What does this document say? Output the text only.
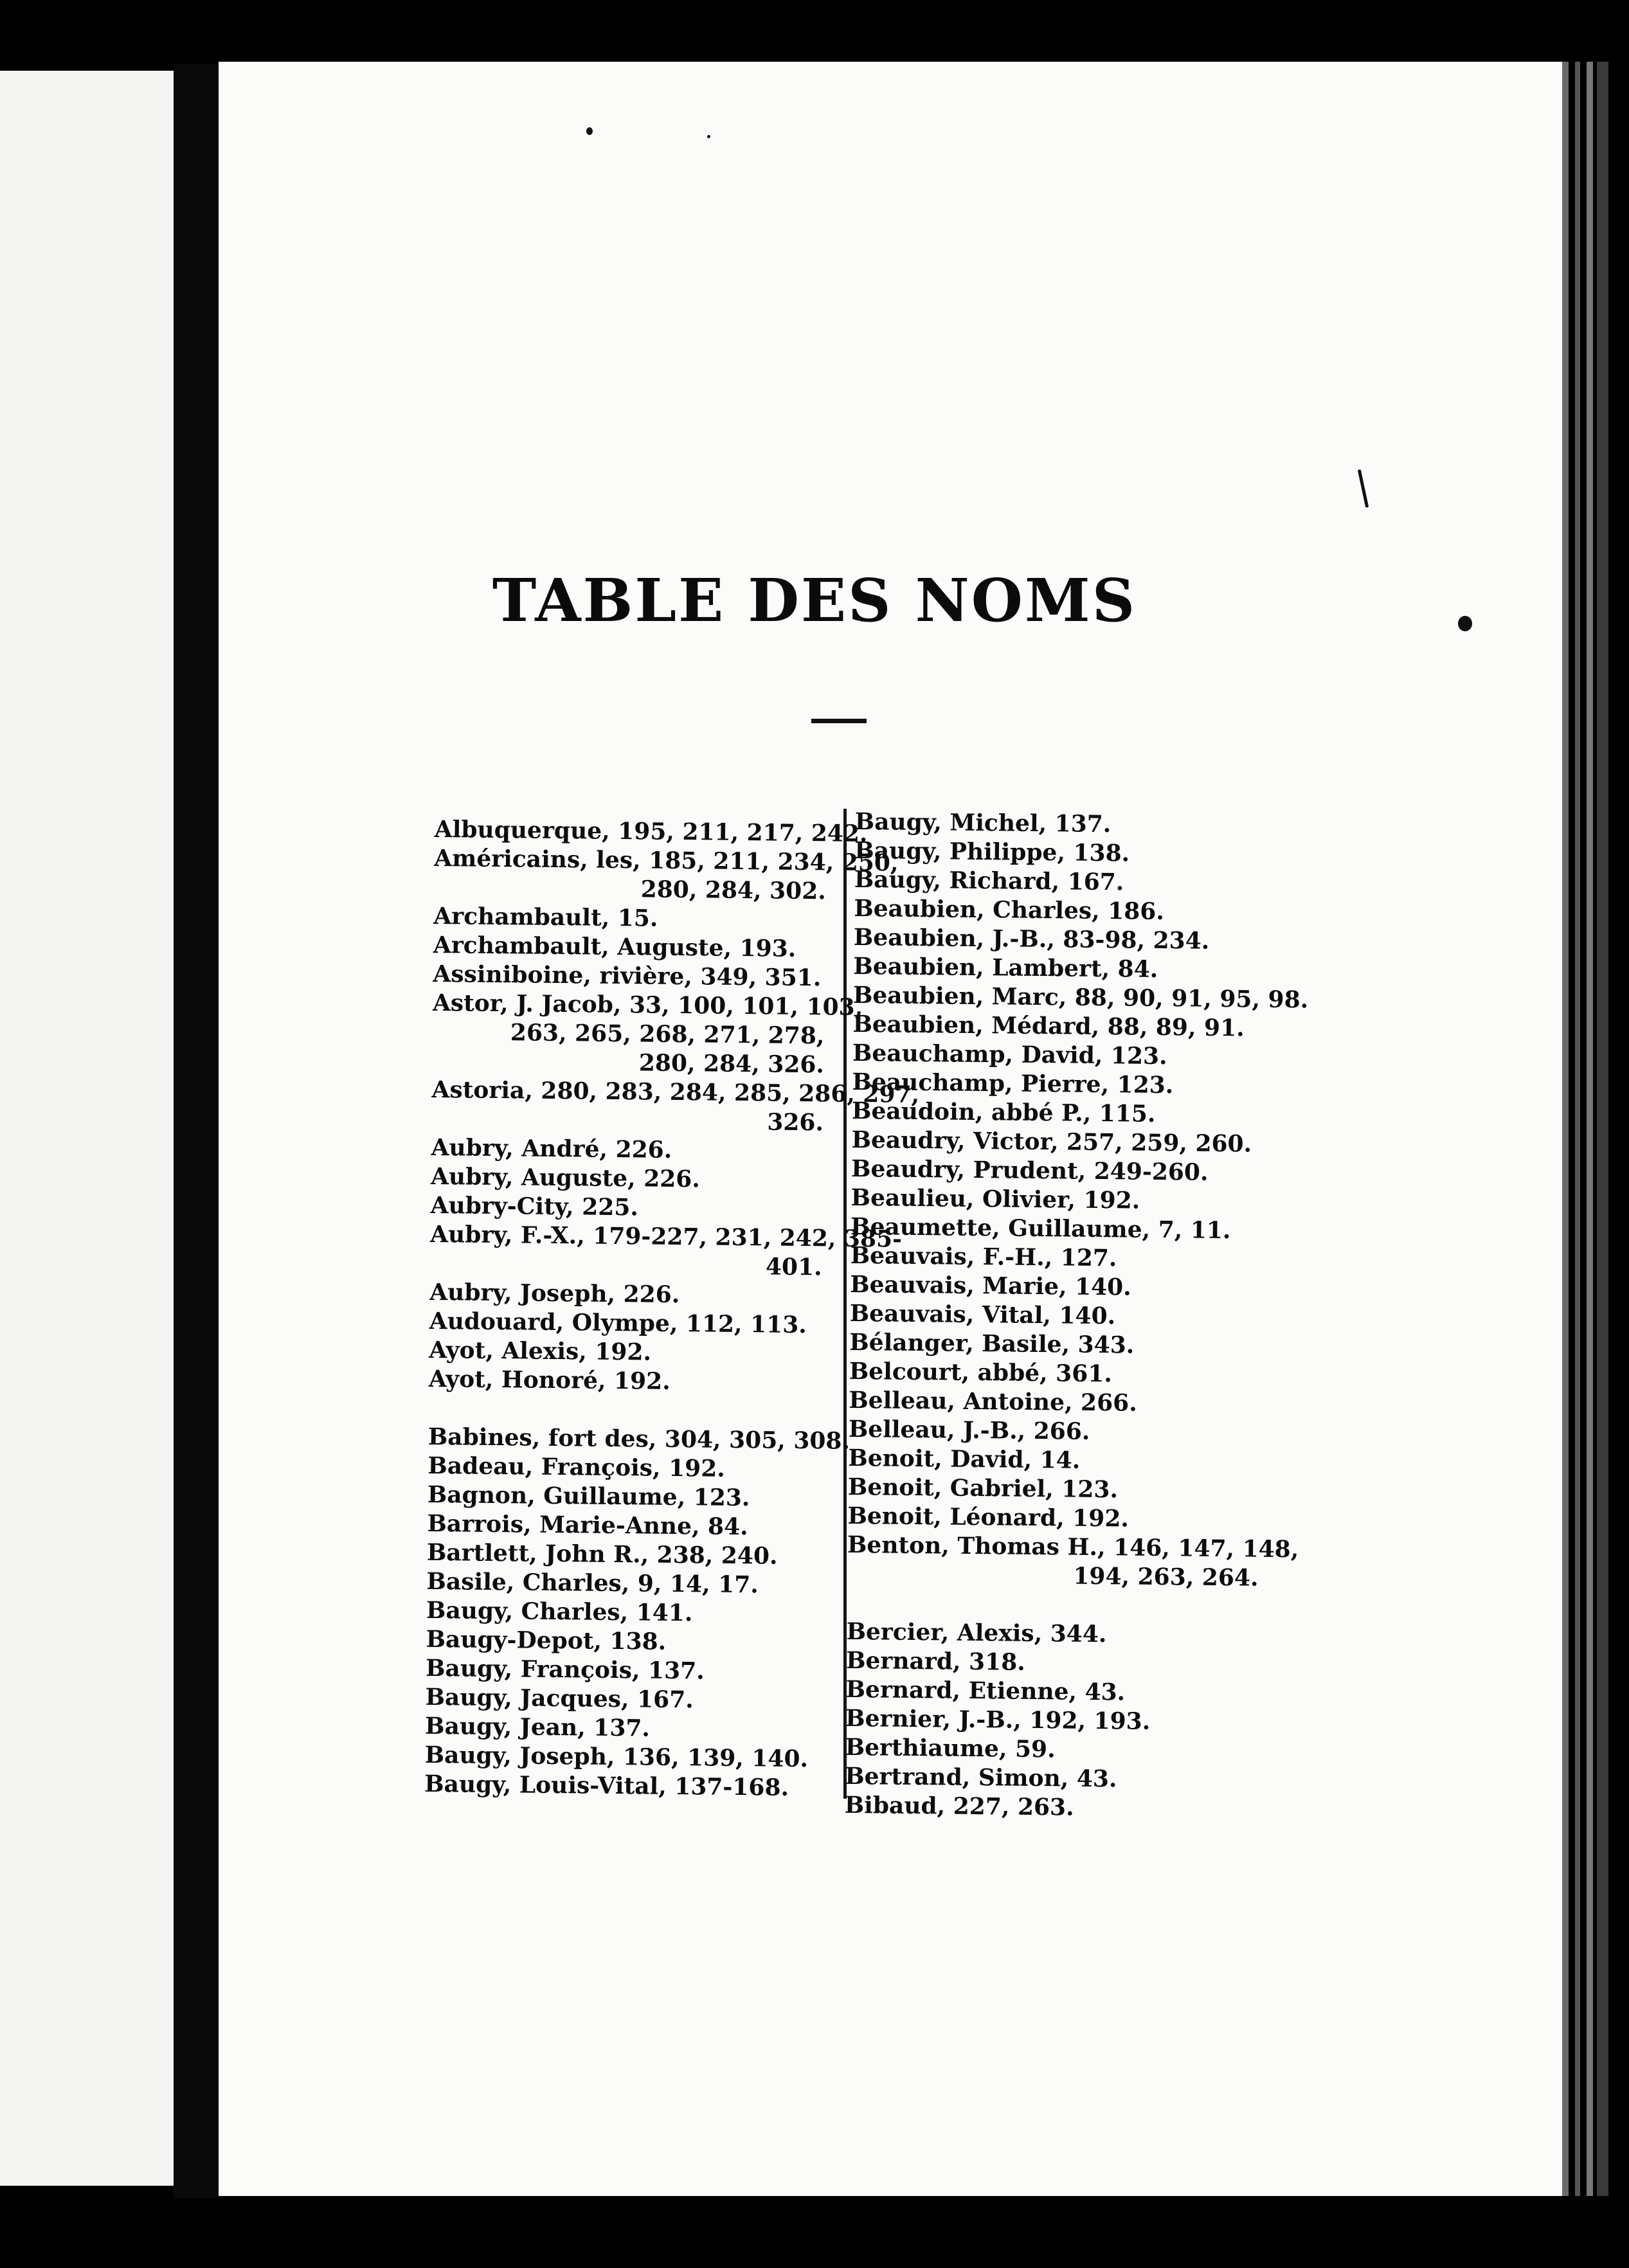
TABLE DES NOMS
Albuquerque, 195, 211, 217, 242.
Américains, les, 185, 211, 234, 250,
280, 284, 302.
Archambault, 15.
Archambault, Auguste, 193.
Assiniboine, rivière, 349, 351.
Astor, J. Jacob, 33, 100, 101, 103,
263, 265, 268, 271, 278,
280, 284, 326.
Astoria, 280, 283, 284, 285, 286, 297,
326.
Aubry, André, 226.
Aubry, Auguste, 226.
Aubry-City, 225.
Aubry, F.-X., 179-227, 231, 242, 385-
401.
Aubry, Joseph, 226.
Audouard, Olympe, 112, 113.
Ayot, Alexis, 192.
Ayot, Honoré, 192.
Babines, fort des, 304, 305, 308.
Badeau, François, 192.
Bagnon, Guillaume, 123.
Barrois, Marie-Anne, 84.
Bartlett, John R., 238, 240.
Basile, Charles, 9, 14, 17.
Baugy, Charles, 141.
Baugy-Depot, 138.
Baugy, François, 137.
Baugy, Jacques, 167.
Baugy, Jean, 137.
Baugy, Joseph, 136, 139, 140.
Baugy, Louis-Vital, 137-168.
Baugy, Michel, 137.
Baugy, Philippe, 138.
Baugy, Richard, 167.
Beaubien, Charles, 186.
Beaubien, J.-B., 83-98, 234.
Beaubien, Lambert, 84.
Beaubien, Marc, 88, 90, 91, 95, 98.
Beaubien, Médard, 88, 89, 91.
Beauchamp, David, 123.
Beauchamp, Pierre, 123.
Beaudoin, abbé P., 115.
Beaudry, Victor, 257, 259, 260.
Beaudry, Prudent, 249-260.
Beaulieu, Olivier, 192.
Beaumette, Guillaume, 7, 11.
Beauvais, F.-H., 127.
Beauvais, Marie, 140.
Beauvais, Vital, 140.
Bélanger, Basile, 343.
Belcourt, abbé, 361.
Belleau, Antoine, 266.
Belleau, J.-B., 266.
Benoit, David, 14.
Benoit, Gabriel, 123.
Benoit, Léonard, 192.
Benton, Thomas H., 146, 147, 148,
194, 263, 264.
Bercier, Alexis, 344.
Bernard, 318.
Bernard, Etienne, 43.
Bernier, J.-B., 192, 193.
Berthiaume, 59.
Bertrand, Simon, 43.
Bibaud, 227, 263.
